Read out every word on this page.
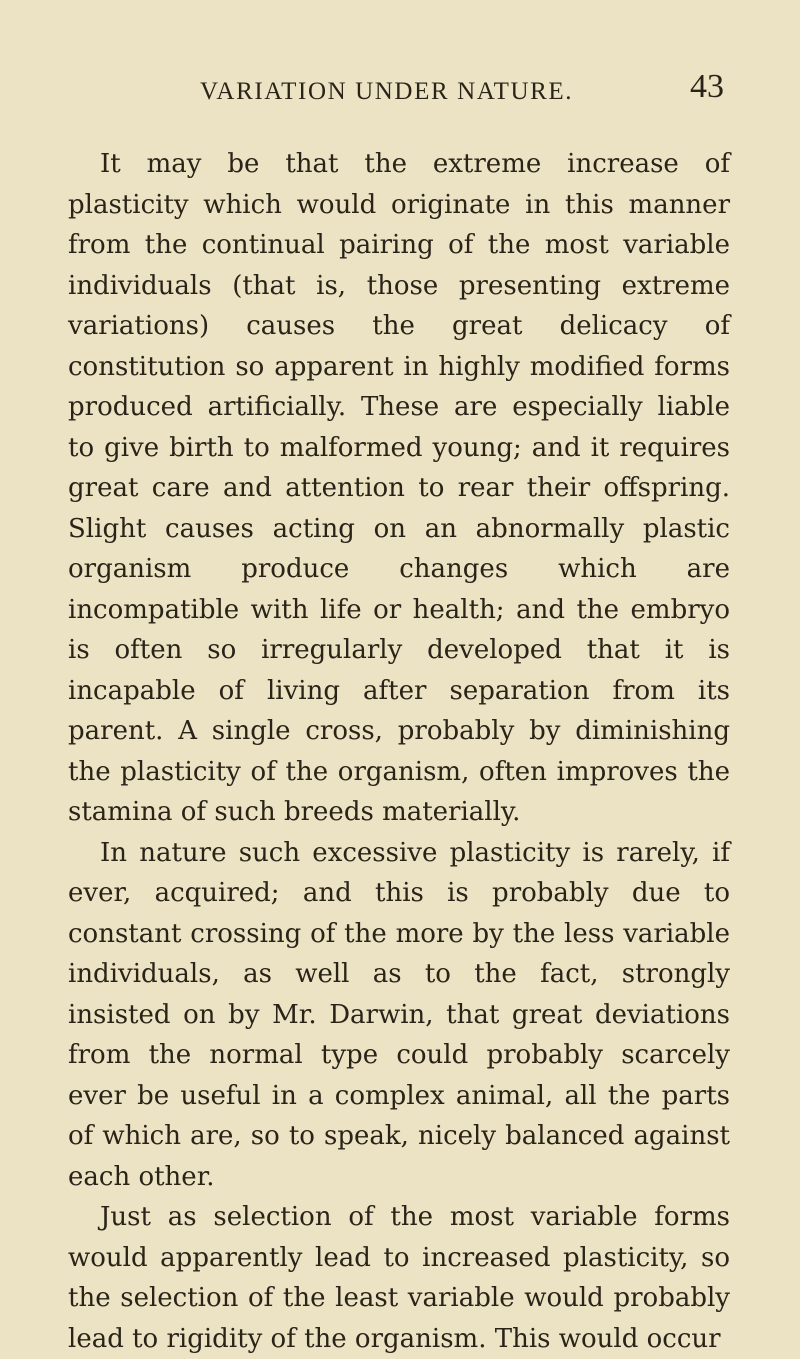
VARIATION UNDER NATURE.	43

It may be that the extreme increase of plasticity which would originate in this manner from the continual pairing of the most variable individuals (that is, those presenting extreme variations) causes the great delicacy of constitution so apparent in highly modified forms produced artificially. These are especially liable to give birth to malformed young; and it requires great care and attention to rear their offspring. Slight causes acting on an abnormally plastic organism produce changes which are incompatible with life or health; and the embryo is often so irregularly developed that it is incapable of living after separation from its parent. A single cross, probably by diminishing the plasticity of the organism, often improves the stamina of such breeds materially.

In nature such excessive plasticity is rarely, if ever, acquired; and this is probably due to constant crossing of the more by the less variable individuals, as well as to the fact, strongly insisted on by Mr. Darwin, that great deviations from the normal type could probably scarcely ever be useful in a complex animal, all the parts of which are, so to speak, nicely balanced against each other.

Just as selection of the most variable forms would apparently lead to increased plasticity, so the selection of the least variable would probably lead to rigidity of the organism. This would occur
